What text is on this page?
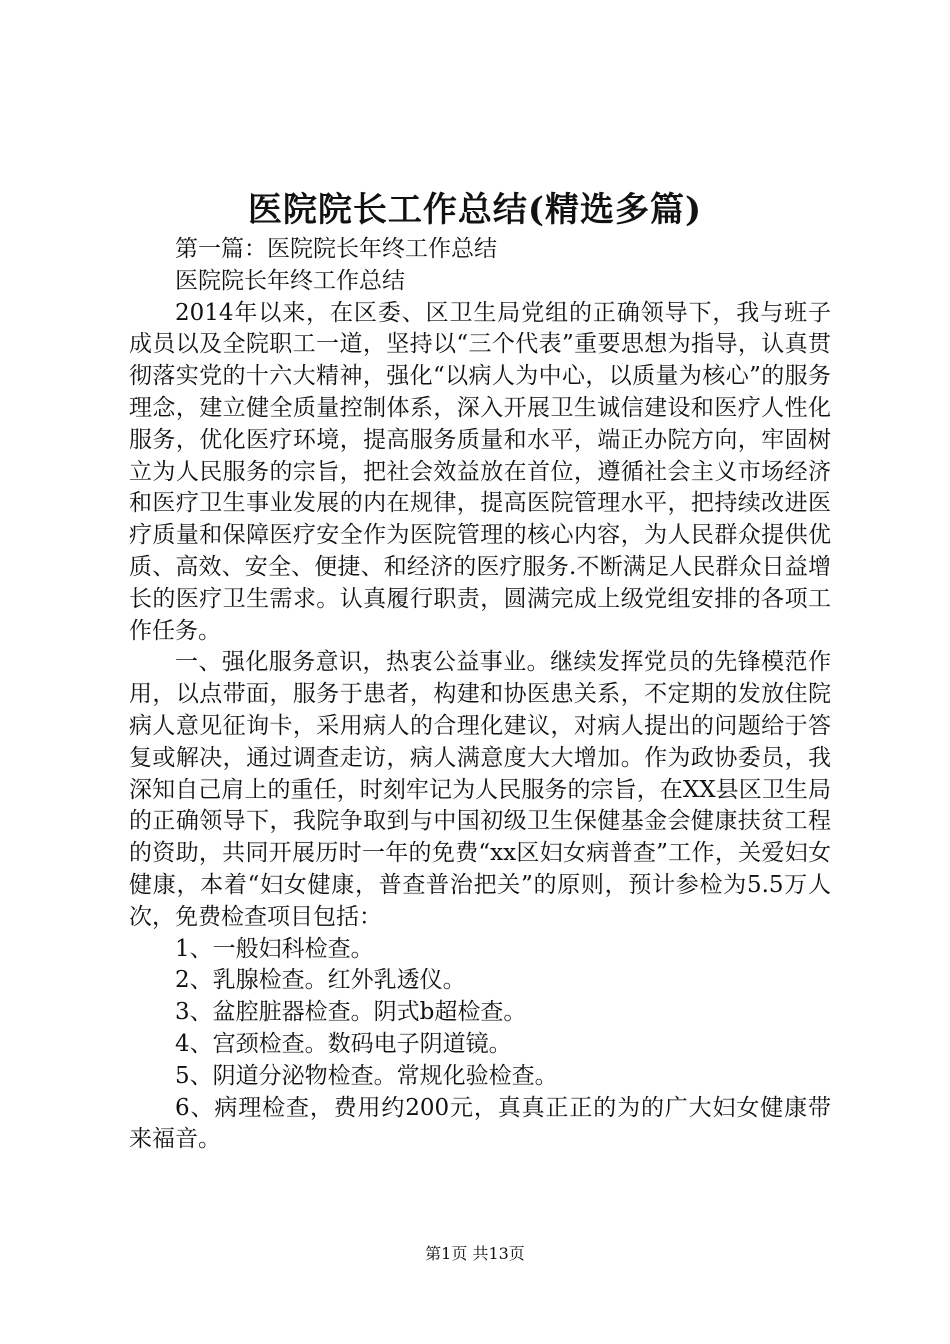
医院院长工作总结(精选多篇)

第一篇：医院院长年终工作总结

医院院长年终工作总结

2014年以来，在区委、区卫生局党组的正确领导下，我与班子成员以及全院职工一道，坚持以“三个代表”重要思想为指导，认真贯彻落实党的十六大精神，强化“以病人为中心，以质量为核心”的服务理念，建立健全质量控制体系，深入开展卫生诚信建设和医疗人性化服务，优化医疗环境，提高服务质量和水平，端正办院方向，牢固树立为人民服务的宗旨，把社会效益放在首位，遵循社会主义市场经济和医疗卫生事业发展的内在规律，提高医院管理水平，把持续改进医疗质量和保障医疗安全作为医院管理的核心内容，为人民群众提供优质、高效、安全、便捷、和经济的医疗服务.不断满足人民群众日益增长的医疗卫生需求。认真履行职责，圆满完成上级党组安排的各项工作任务。

一、强化服务意识，热衷公益事业。继续发挥党员的先锋模范作用，以点带面，服务于患者，构建和协医患关系，不定期的发放住院病人意见征询卡，采用病人的合理化建议，对病人提出的问题给于答复或解决，通过调查走访，病人满意度大大增加。作为政协委员，我深知自己肩上的重任，时刻牢记为人民服务的宗旨，在XX县区卫生局的正确领导下，我院争取到与中国初级卫生保健基金会健康扶贫工程的资助，共同开展历时一年的免费“xx区妇女病普查”工作，关爱妇女健康，本着“妇女健康，普查普治把关”的原则，预计参检为5.5万人次，免费检查项目包括：

1、一般妇科检查。

2、乳腺检查。红外乳透仪。

3、盆腔脏器检查。阴式b超检查。

4、宫颈检查。数码电子阴道镜。

5、阴道分泌物检查。常规化验检查。

6、病理检查，费用约200元，真真正正的为的广大妇女健康带来福音。

第1页 共13页
